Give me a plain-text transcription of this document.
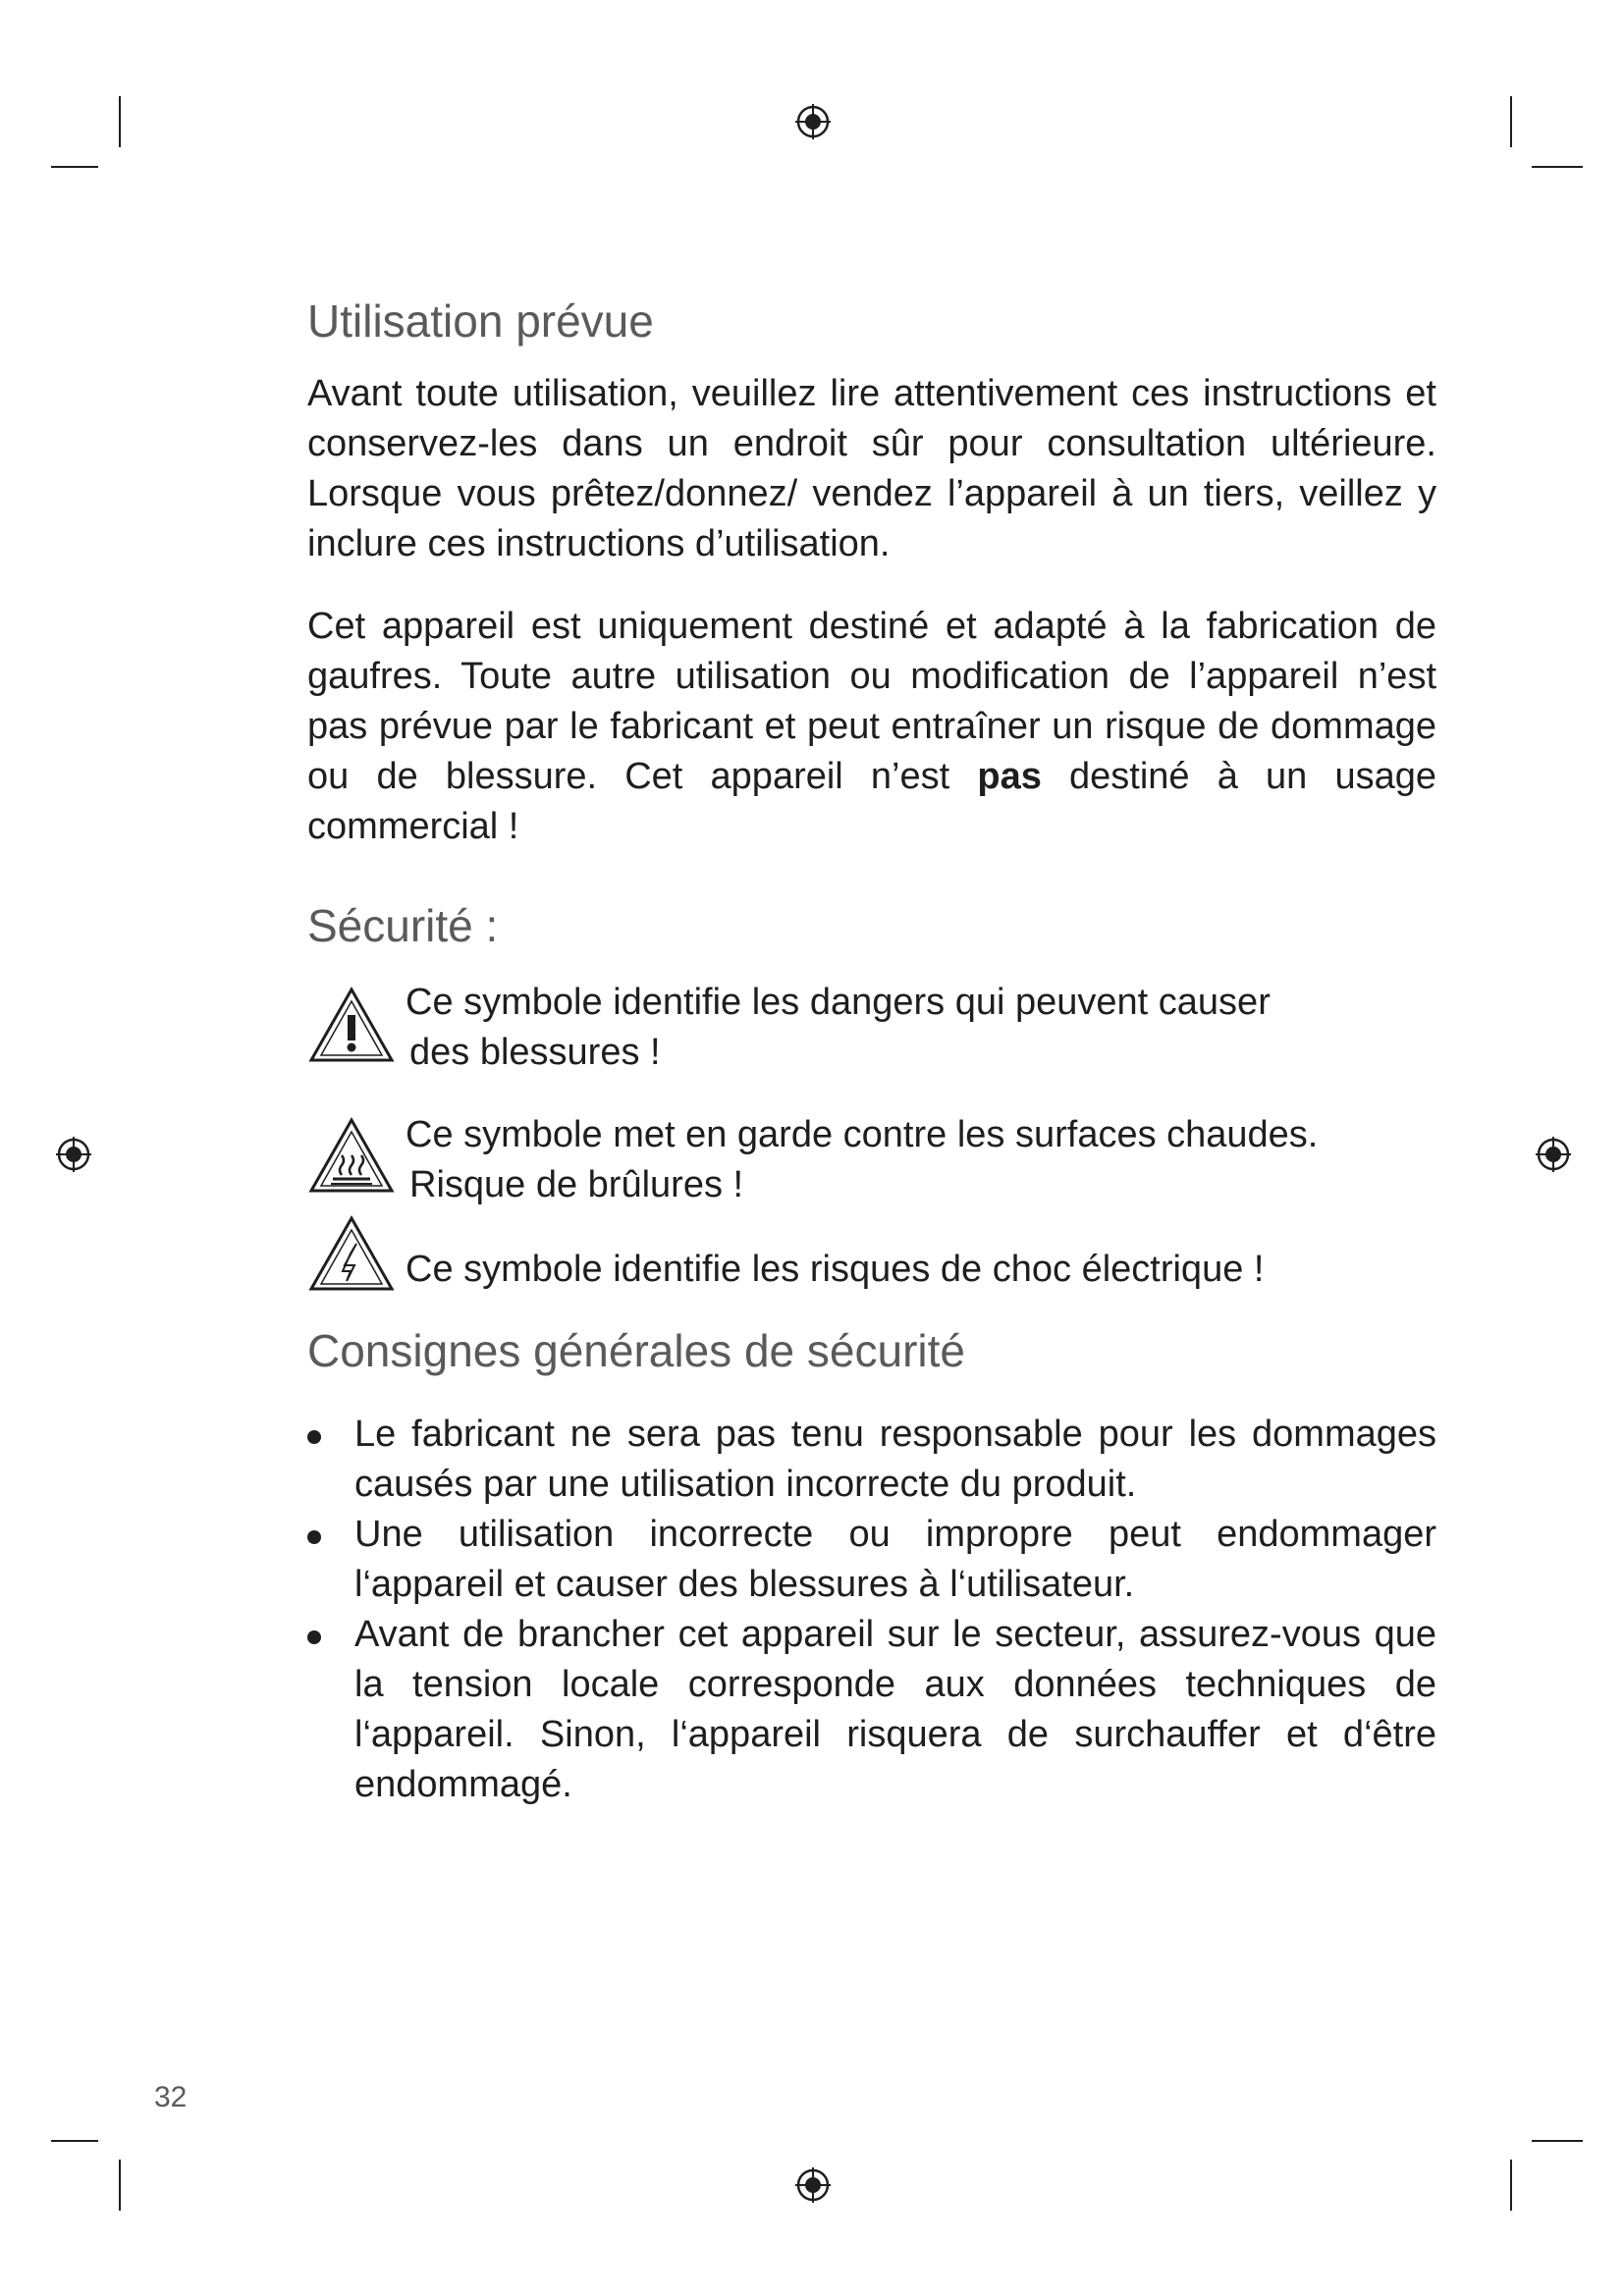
Utilisation prévue

Avant toute utilisation, veuillez lire attentivement ces instructions et conservez-les dans un endroit sûr pour consultation ultérieure. Lorsque vous prêtez/donnez/ vendez l’appareil à un tiers, veillez y inclure ces instructions d’utilisation.

Cet appareil est uniquement destiné et adapté à la fabrication de gaufres. Toute autre utilisation ou modification de l’appareil n’est pas prévue par le fabricant et peut entraîner un risque de dommage ou de blessure. Cet appareil n’est pas destiné à un usage commercial !

Sécurité :
Ce symbole identifie les dangers qui peuvent causer
des blessures !
Ce symbole met en garde contre les surfaces chaudes.
Risque de brûlures !
Ce symbole identifie les risques de choc électrique !
Consignes générales de sécurité
Le fabricant ne sera pas tenu responsable pour les dommages causés par une utilisation incorrecte du produit.
Une utilisation incorrecte ou impropre peut endommager l‘appareil et causer des blessures à l‘utilisateur.
Avant de brancher cet appareil sur le secteur, assurez-vous que la tension locale corresponde aux données techniques de l‘appareil. Sinon, l‘appareil risquera de surchauffer et d‘être endommagé.
32
